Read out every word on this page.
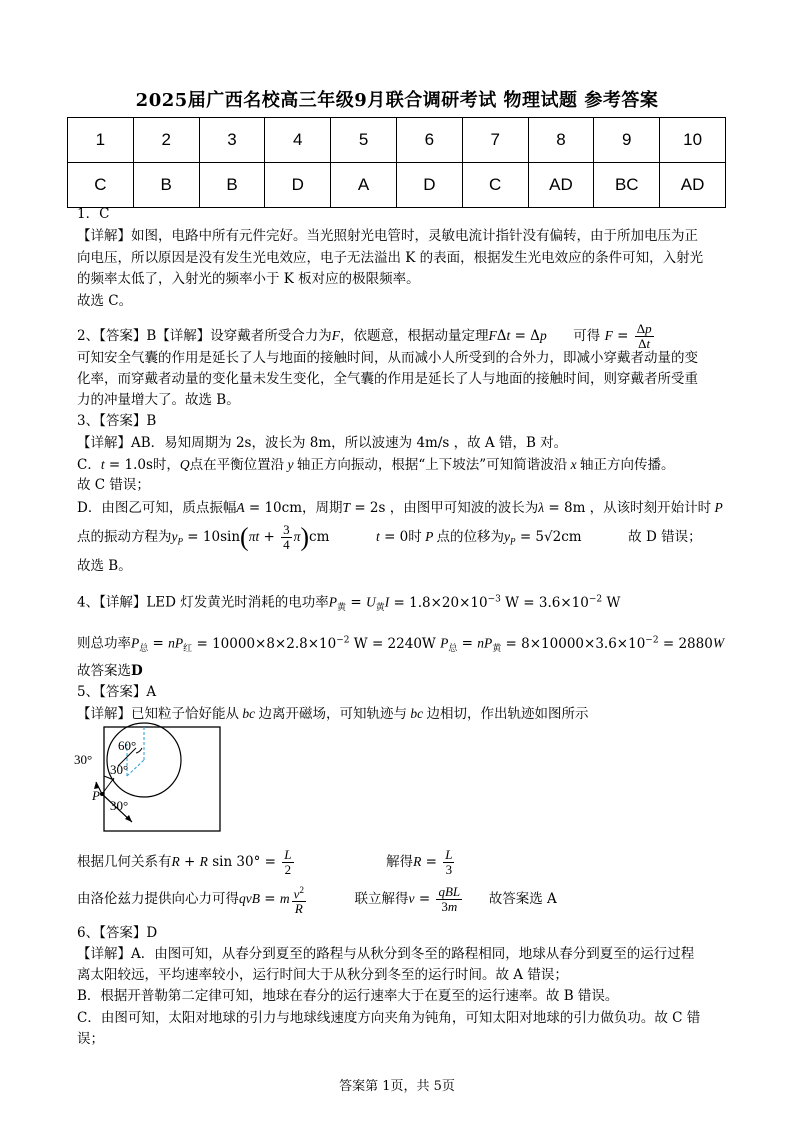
2025届广西名校高三年级9月联合调研考试 物理试题 参考答案
1	2	3	4	5	6	7	8	9	10
C	B	B	D	A	D	C	AD	BC	AD
1．C
【详解】如图，电路中所有元件完好。当光照射光电管时，灵敏电流计指针没有偏转，由于所加电压为正
向电压，所以原因是没有发生光电效应，电子无法溢出 K 的表面，根据发生光电效应的条件可知，入射光
的频率太低了，入射光的频率小于 K 板对应的极限频率。
故选 C。
2、【答案】B【详解】设穿戴者所受合力为F，依题意，根据动量定理FΔt = Δp 可得 $F = \frac{\Delta p}{\Delta t}$
可知安全气囊的作用是延长了人与地面的接触时间，从而减小人所受到的合外力，即减小穿戴者动量的变
化率，而穿戴者动量的变化量未发生变化，全气囊的作用是延长了人与地面的接触时间，则穿戴者所受重
力的冲量增大了。故选 B。
3、【答案】B
【详解】AB．易知周期为 2s，波长为 8m，所以波速为 4m/s ，故 A 错，B 对。
C．t = 1.0s时，Q点在平衡位置沿 y 轴正方向振动，根据“上下坡法”可知简谐波沿 x 轴正方向传播。
故 C 错误；
D．由图乙可知，质点振幅A = 10cm，周期T = 2s ，由图甲可知波的波长为λ = 8m ，从该时刻开始计时 P
点的振动方程为$y_P = 10\sin(\pi t + \frac{3}{4} \pi)cm$	t = 0时 P 点的位移为$y_P = 5√2cm$	故 D 错误；
故选 B。
4、【详解】LED 灯发黄光时消耗的电功率$P_黄 = U_黄I = 1.8\times 20\times 10^{-3}$ $W = 3.6\times 10^{-2}$ W
则总功率$P_总 = nP_红 = 10000\times 8\times 2.8\times 10^{-2}$ W = 2240W $P_总 = nP_黄 = 8\times 10000\times 3.6\times 10^{-2} = 2880W$
故答案选D
5、【答案】A
【详解】已知粒子恰好能从 bc 边离开磁场，可知轨迹与 bc 边相切，作出轨迹如图所示
60°
30°
30°
P
30°
根据几何关系有R + R $\sin 30^\circ = \frac{L}{2}$	解得$R = \frac{L}{3}$
由洛伦兹力提供向心力可得qvB = m $\frac{v^2}{R}$	联立解得$v = \frac{\text{qBL}}{3m}$ 故答案选 A
6、【答案】D
【详解】A．由图可知，从春分到夏至的路程与从秋分到冬至的路程相同，地球从春分到夏至的运行过程
离太阳较远，平均速率较小，运行时间大于从秋分到冬至的运行时间。故 A 错误；
B．根据开普勒第二定律可知，地球在春分的运行速率大于在夏至的运行速率。故 B 错误。
C．由图可知，太阳对地球的引力与地球线速度方向夹角为钝角，可知太阳对地球的引力做负功。故 C 错
误；
答案第 1页，共 5页
